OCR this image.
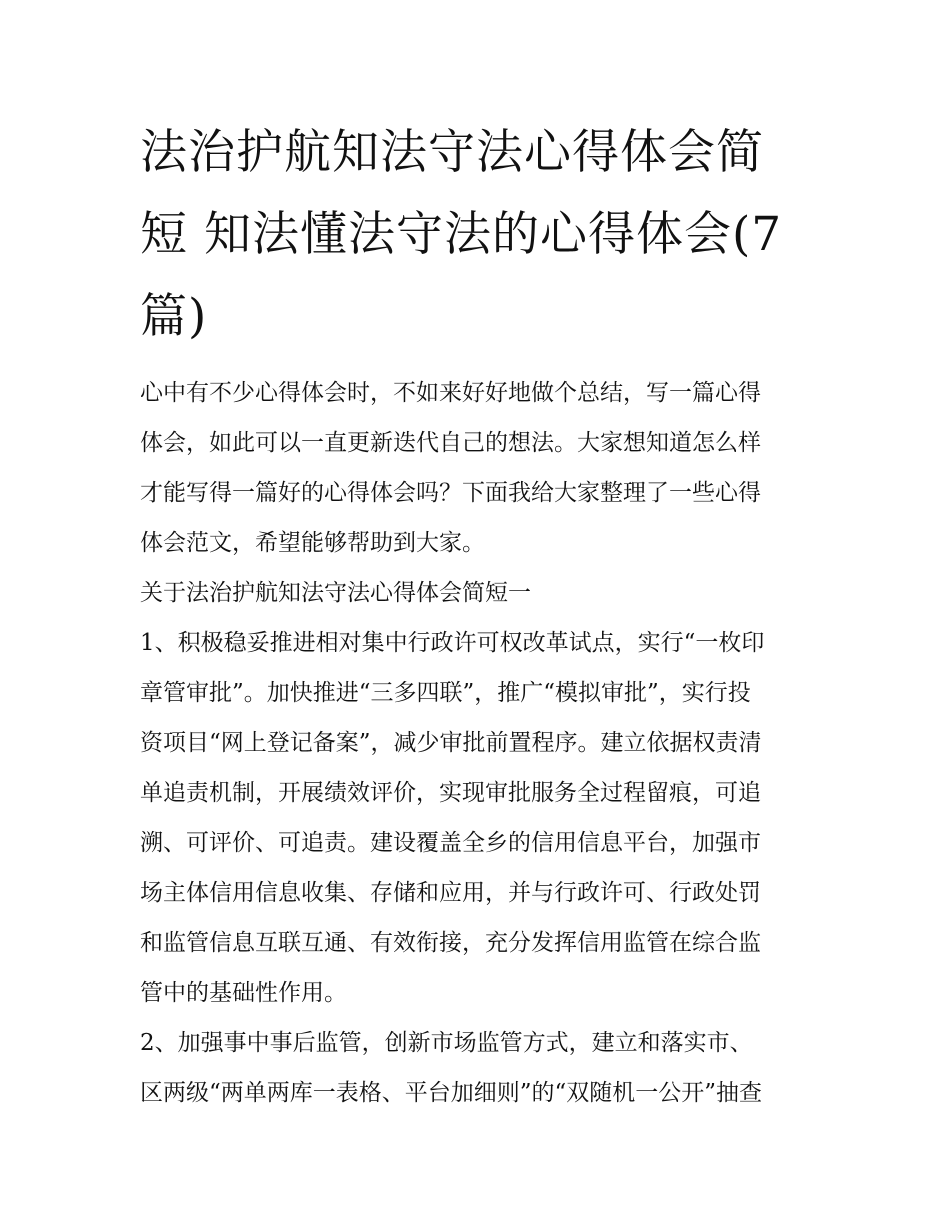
法治护航知法守法心得体会简
短 知法懂法守法的心得体会(7
篇)

心中有不少心得体会时，不如来好好地做个总结，写一篇心得
体会，如此可以一直更新迭代自己的想法。大家想知道怎么样
才能写得一篇好的心得体会吗？下面我给大家整理了一些心得
体会范文，希望能够帮助到大家。

关于法治护航知法守法心得体会简短一

1、积极稳妥推进相对集中行政许可权改革试点，实行“一枚印
章管审批”。加快推进“三多四联”，推广“模拟审批”，实行投
资项目“网上登记备案”，减少审批前置程序。建立依据权责清
单追责机制，开展绩效评价，实现审批服务全过程留痕，可追
溯、可评价、可追责。建设覆盖全乡的信用信息平台，加强市
场主体信用信息收集、存储和应用，并与行政许可、行政处罚
和监管信息互联互通、有效衔接，充分发挥信用监管在综合监
管中的基础性作用。

2、加强事中事后监管，创新市场监管方式，建立和落实市、
区两级“两单两库一表格、平台加细则”的“双随机一公开”抽查
